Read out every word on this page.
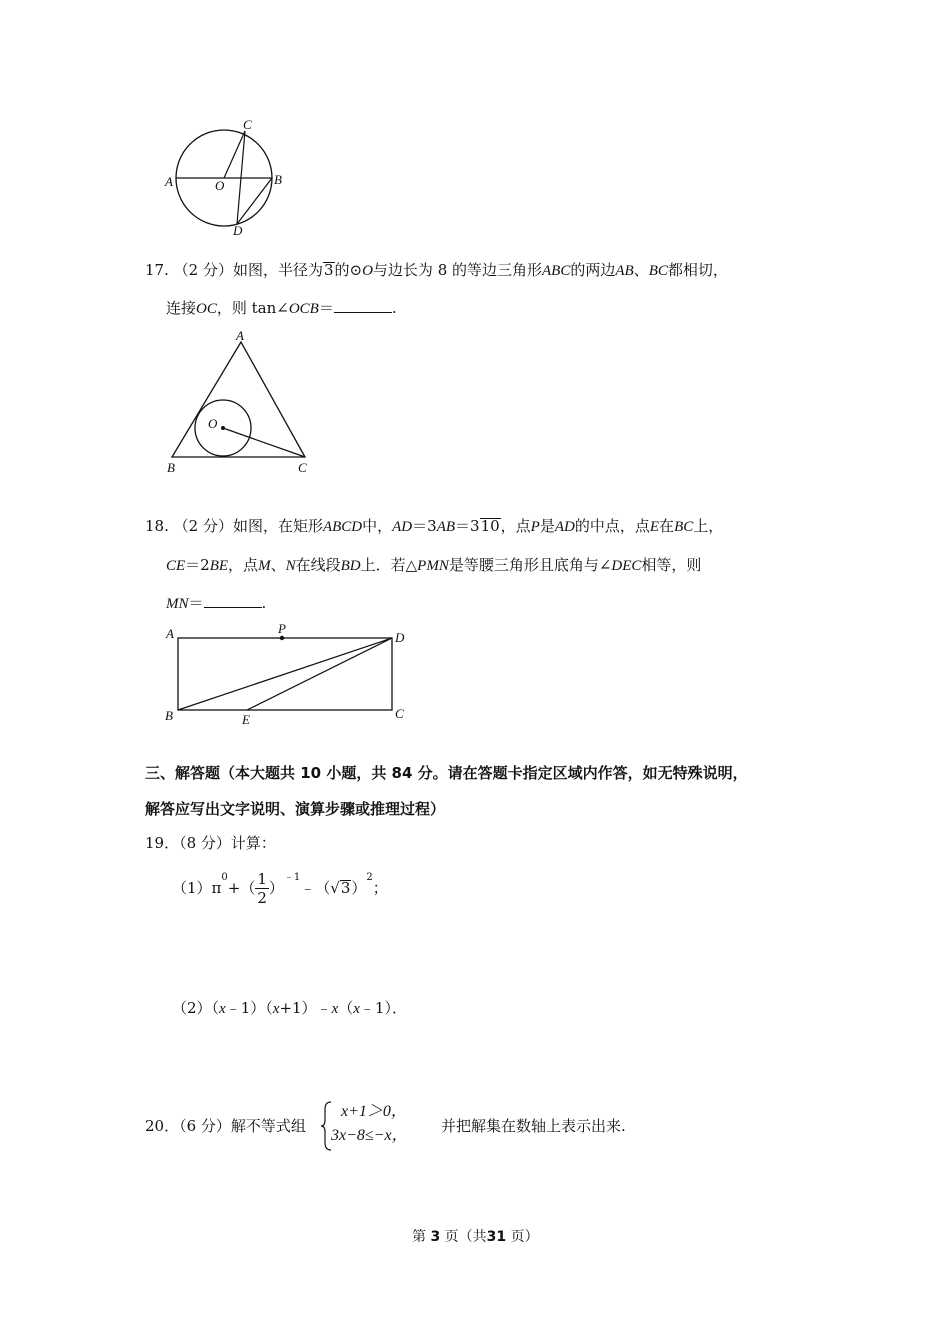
A	O	B
C
D
17. （2 分）如图，半径为3的⊙O与边长为 8 的等边三角形ABC的两边AB、BC都相切，
连接OC，则 tan∠OCB＝	.
A
O
B	C
18. （2 分）如图，在矩形ABCD中，AD＝3AB＝310，点P是AD的中点，点E在BC上，
CE＝2BE，点M、N在线段BD上．若△PMN是等腰三角形且底角与∠DEC相等，则
MN＝	.
A	P
D
B	E	C
三、解答题（本大题共 10 小题，共 84 分。请在答题卡指定区域内作答，如无特殊说明，
解答应写出文字说明、演算步骤或推理过程）
19．（8 分）计算：
$(1)\pi^0+( \frac{1}{2}$ ）$^{﹣1}﹣(√3)^2$；
（2）（x﹣1）（x+1）﹣x（x﹣1）．
20．（6 分）解不等式组
x+1＞0，
3x−8≤−x，
并把解集在数轴上表示出来.
第 3 页（共31 页）
